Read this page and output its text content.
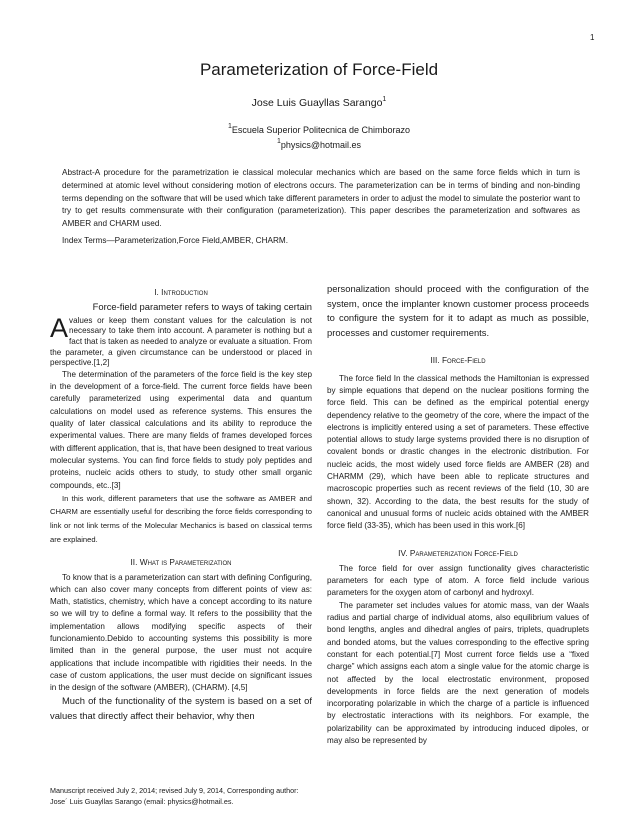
1
Parameterization of Force-Field
Jose Luis Guayllas Sarango$^1$
$^1$Escuela Superior Politecnica de Chimborazo
$^1$physics@hotmail.es
Abstract-A procedure for the parametrization ie classical molecular mechanics which are based on the same force fields which in turn is determined at atomic level without considering motion of electrons occurs. The parameterization can be in terms of binding and non-binding terms depending on the software that will be used which take different parameters in order to adjust the model to simulate the posterior want to try to get results commensurate with their configuration (parameterization). This paper describes the parameterization and softwares as AMBER and CHARM used.
Index Terms—Parameterization,Force Field,AMBER, CHARM.
I. Introduction

Force-field parameter refers to ways of taking certain

Avalues or keep them constant values for the calculation is not necessary to take them into account. A parameter is nothing but a fact that is taken as needed to analyze or evaluate a situation. From the parameter, a given circumstance can be understood or placed in perspective.[1,2]

The determination of the parameters of the force field is the key step in the development of a force-field. The current force fields have been carefully parameterized using experimental data and quantum calculations on model used as reference systems. This ensures the quality of later classical calculations and its ability to reproduce the experimental values. There are many fields of frames developed forces with different application, that is, that have been designed to treat various molecular systems. You can find force fields to study poly peptides and proteins, nucleic acids others to study, to study other small organic compounds, etc..[3]

In this work, different parameters that use the software as AMBER and CHARM are essentially useful for describing the force fields corresponding to link or not link terms of the Molecular Mechanics is based on classical terms are explained.

II. What is Parameterization

To know that is a parameterization can start with defining Configuring, which can also cover many concepts from different points of view as: Math, statistics, chemistry, which have a concept according to its nature so we will try to define a formal way. It refers to the possibility that the implementation allows modifying specific aspects of their funcionamiento.Debido to accounting systems this possibility is more limited than in the general purpose, the user must not acquire applications that include incompatible with rigidities their needs. In the case of custom applications, the user must decide on significant issues in the design of the software (AMBER), (CHARM). [4,5]

Much of the functionality of the system is based on a set of values that directly affect their behavior, why then

Manuscript received July 2, 2014; revised July 9, 2014, Corresponding author: Jose´ Luis Guayllas Sarango (email: physics@hotmail.es.

personalization should proceed with the configuration of the system, once the implanter known customer process proceeds to configure the system for it to adapt as much as possible, processes and customer requirements.

III. Force-Field

The force field In the classical methods the Hamiltonian is expressed by simple equations that depend on the nuclear positions forming the force field. This can be defined as the empirical potential energy dependency relative to the geometry of the core, where the impact of the electrons is implicitly entered using a set of parameters. These effective potential allows to study large systems provided there is no disruption of covalent bonds or drastic changes in the electronic distribution. For nucleic acids, the most widely used force fields are AMBER (28) and CHARMM (29), which have been able to replicate structures and macroscopic properties such as recent reviews of the field (10, 30 are shown, 32). According to the data, the best results for the study of canonical and unusual forms of nucleic acids obtained with the AMBER force field (33-35), which has been used in this work.[6]

IV. Parameterization Force-Field

The force field for over assign functionality gives characteristic parameters for each type of atom. A force field include various parameters for the oxygen atom of carbonyl and hydroxyl.

The parameter set includes values for atomic mass, van der Waals radius and partial charge of individual atoms, also equilibrium values of bond lengths, angles and dihedral angles of pairs, triplets, quadruplets and bonded atoms, but the values corresponding to the effective spring constant for each potential.[7] Most current force fields use a “fixed charge” which assigns each atom a single value for the atomic charge is not affected by the local electrostatic environment, proposed developments in force fields are the next generation of models incorporating polarizable in which the charge of a particle is influenced by electrostatic interactions with its neighbors. For example, the polarizability can be approximated by introducing induced dipoles, or may also be represented by
